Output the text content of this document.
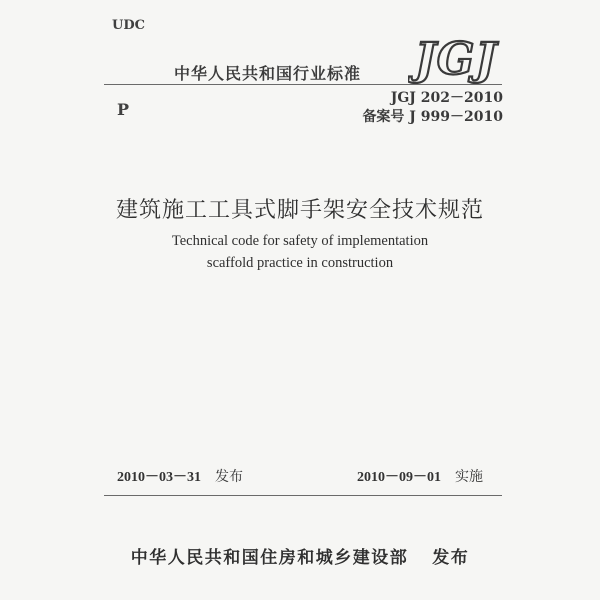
UDC
中华人民共和国行业标准 JGJ
P
JGJ 202－2010
备案号 J 999－2010
建筑施工工具式脚手架安全技术规范
Technical code for safety of implementation
scaffold practice in construction
2010－03－31 发布	2010－09－01 实施
中华人民共和国住房和城乡建设部 发布
